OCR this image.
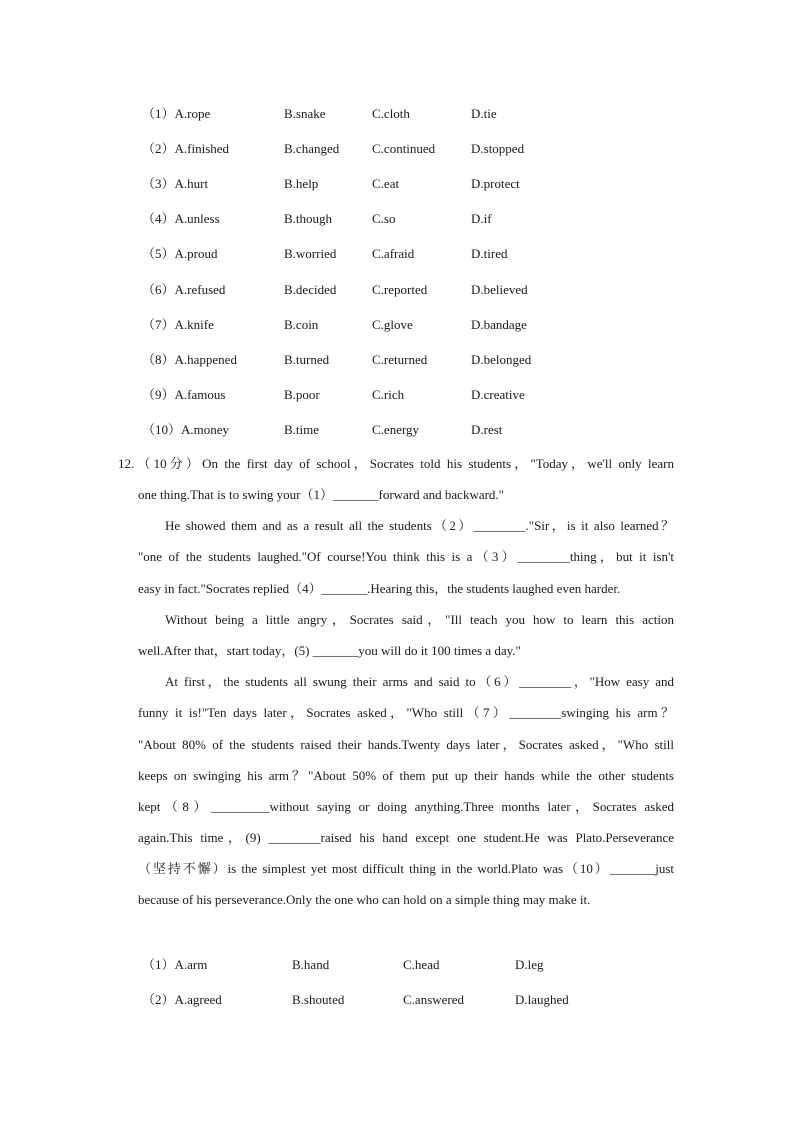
（1）A.rope	B.snake	C.cloth	D.tie
（2）A.finished	B.changed	C.continued	D.stopped
（3）A.hurt	B.help	C.eat	D.protect
（4）A.unless	B.though	C.so	D.if
（5）A.proud	B.worried	C.afraid	D.tired
（6）A.refused	B.decided	C.reported	D.believed
（7）A.knife	B.coin	C.glove	D.bandage
（8）A.happened	B.turned	C.returned	D.belonged
（9）A.famous	B.poor	C.rich	D.creative
（10）A.money	B.time	C.energy	D.rest
12.（10分）On the first day of school，Socrates told his students，"Today，we'll only learn
one thing.That is to swing your（1）_______forward and backward."
He showed them and as a result all the students（2）________."Sir，is it also learned？
"one of the students laughed."Of course!You think this is a（3）________thing，but it isn't
easy in fact."Socrates replied（4）_______.Hearing this，the students laughed even harder.
Without being a little angry，Socrates said，"Ill teach you how to learn this action
well.After that，start today，(5) _______you will do it 100 times a day."
At first，the students all swung their arms and said to（6）________，"How easy and
funny it is!"Ten days later，Socrates asked，"Who still（7）________swinging his arm？
"About 80% of the students raised their hands.Twenty days later，Socrates asked，"Who still
keeps on swinging his arm？"About 50% of them put up their hands while the other students
kept（8）_________without saying or doing anything.Three months later，Socrates asked
again.This time，(9) ________raised his hand except one student.He was Plato.Perseverance
（坚持不懈）is the simplest yet most difficult thing in the world.Plato was（10）_______just
because of his perseverance.Only the one who can hold on a simple thing may make it.
（1）A.arm	B.hand	C.head	D.leg
（2）A.agreed	B.shouted	C.answered	D.laughed
